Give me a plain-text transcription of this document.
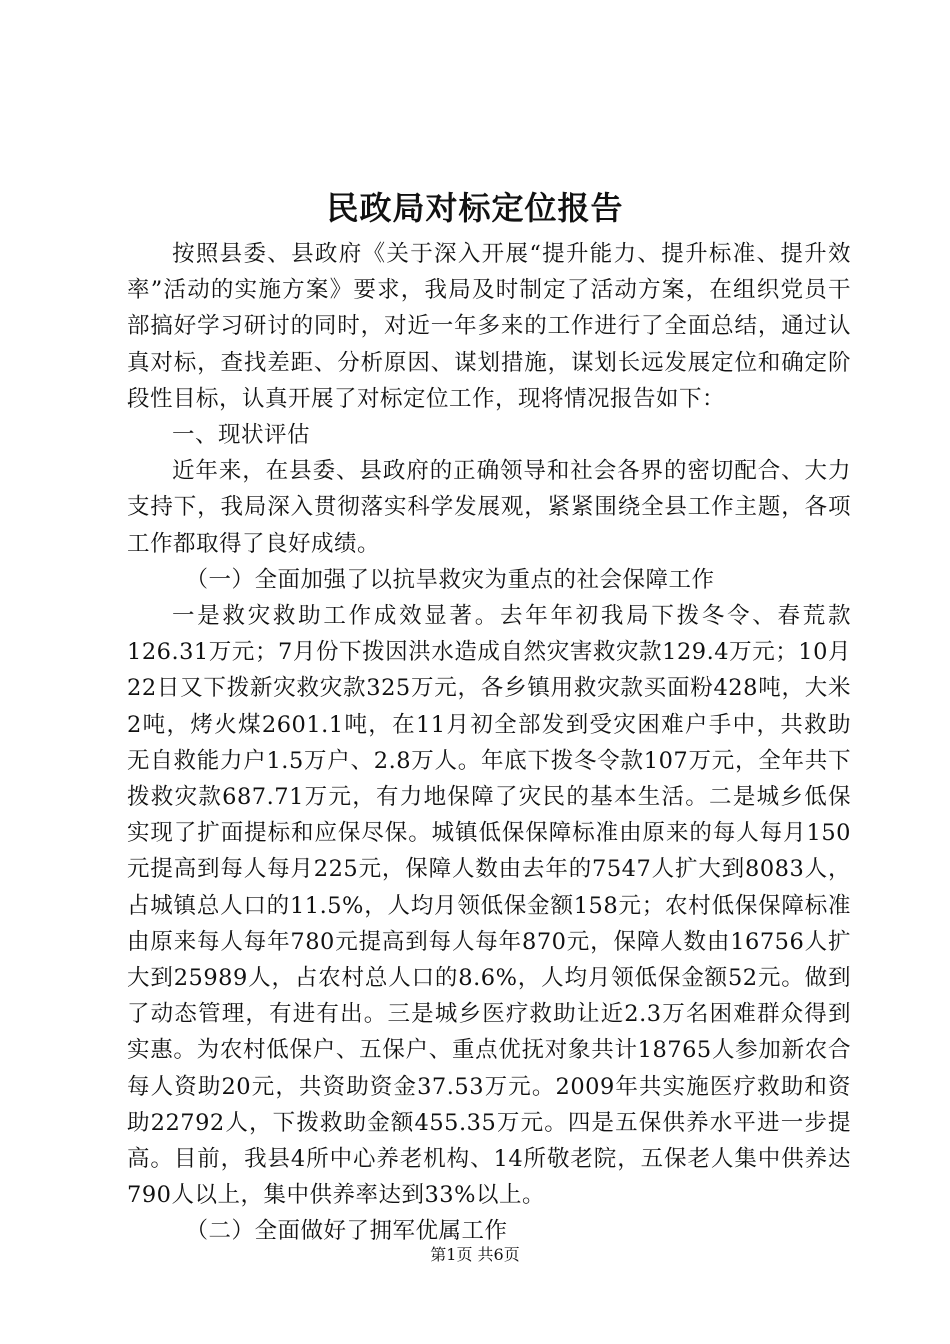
民政局对标定位报告

按照县委、县政府《关于深入开展“提升能力、提升标准、提升效率”活动的实施方案》要求，我局及时制定了活动方案，在组织党员干部搞好学习研讨的同时，对近一年多来的工作进行了全面总结，通过认真对标，查找差距、分析原因、谋划措施，谋划长远发展定位和确定阶段性目标，认真开展了对标定位工作，现将情况报告如下：

一、现状评估

近年来，在县委、县政府的正确领导和社会各界的密切配合、大力支持下，我局深入贯彻落实科学发展观，紧紧围绕全县工作主题，各项工作都取得了良好成绩。

（一）全面加强了以抗旱救灾为重点的社会保障工作

一是救灾救助工作成效显著。去年年初我局下拨冬令、春荒款126.31万元；7月份下拨因洪水造成自然灾害救灾款129.4万元；10月22日又下拨新灾救灾款325万元，各乡镇用救灾款买面粉428吨，大米2吨，烤火煤2601.1吨，在11月初全部发到受灾困难户手中，共救助无自救能力户1.5万户、2.8万人。年底下拨冬令款107万元，全年共下拨救灾款687.71万元，有力地保障了灾民的基本生活。二是城乡低保实现了扩面提标和应保尽保。城镇低保保障标准由原来的每人每月150元提高到每人每月225元，保障人数由去年的7547人扩大到8083人，占城镇总人口的11.5%，人均月领低保金额158元；农村低保保障标准由原来每人每年780元提高到每人每年870元，保障人数由16756人扩大到25989人，占农村总人口的8.6%，人均月领低保金额52元。做到了动态管理，有进有出。三是城乡医疗救助让近2.3万名困难群众得到实惠。为农村低保户、五保户、重点优抚对象共计18765人参加新农合每人资助20元，共资助资金37.53万元。2009年共实施医疗救助和资助22792人，下拨救助金额455.35万元。四是五保供养水平进一步提高。目前，我县4所中心养老机构、14所敬老院，五保老人集中供养达790人以上，集中供养率达到33%以上。

（二）全面做好了拥军优属工作

第1页 共6页
